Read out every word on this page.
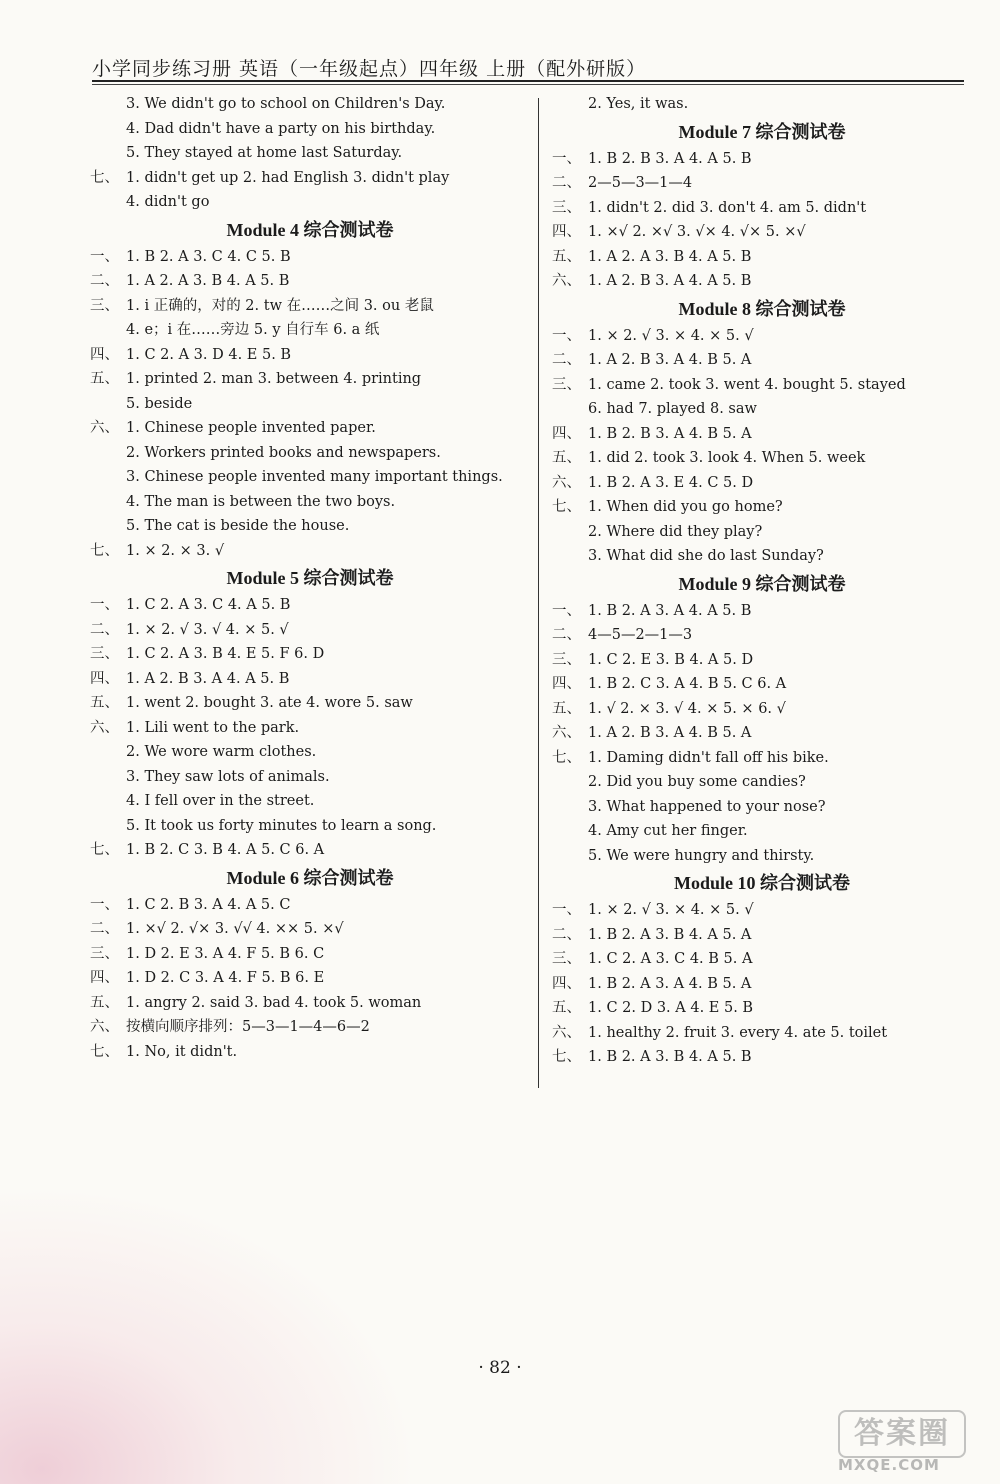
小学同步练习册 英语（一年级起点）四年级 上册（配外研版）
3. We didn't go to school on Children's Day.
4. Dad didn't have a party on his birthday.
5. They stayed at home last Saturday.
七、 1. didn't get up 2. had English 3. didn't play
4. didn't go
Module 4 综合测试卷
一、 1. B 2. A 3. C 4. C 5. B
二、 1. A 2. A 3. B 4. A 5. B
三、 1. i 正确的，对的 2. tw 在……之间 3. ou 老鼠
4. e；i 在……旁边 5. y 自行车 6. a 纸
四、 1. C 2. A 3. D 4. E 5. B
五、 1. printed 2. man 3. between 4. printing
5. beside
六、 1. Chinese people invented paper.
2. Workers printed books and newspapers.
3. Chinese people invented many important things.
4. The man is between the two boys.
5. The cat is beside the house.
七、 1. × 2. × 3. √
Module 5 综合测试卷
一、 1. C 2. A 3. C 4. A 5. B
二、 1. × 2. √ 3. √ 4. × 5. √
三、 1. C 2. A 3. B 4. E 5. F 6. D
四、 1. A 2. B 3. A 4. A 5. B
五、 1. went 2. bought 3. ate 4. wore 5. saw
六、 1. Lili went to the park.
2. We wore warm clothes.
3. They saw lots of animals.
4. I fell over in the street.
5. It took us forty minutes to learn a song.
七、 1. B 2. C 3. B 4. A 5. C 6. A
Module 6 综合测试卷
一、 1. C 2. B 3. A 4. A 5. C
二、 1. ×√ 2. √× 3. √√ 4. ×× 5. ×√
三、 1. D 2. E 3. A 4. F 5. B 6. C
四、 1. D 2. C 3. A 4. F 5. B 6. E
五、 1. angry 2. said 3. bad 4. took 5. woman
六、 按横向顺序排列：5—3—1—4—6—2
七、 1. No, it didn't.
2. Yes, it was.
Module 7 综合测试卷
一、 1. B 2. B 3. A 4. A 5. B
二、 2—5—3—1—4
三、 1. didn't 2. did 3. don't 4. am 5. didn't
四、 1. ×√ 2. ×√ 3. √× 4. √× 5. ×√
五、 1. A 2. A 3. B 4. A 5. B
六、 1. A 2. B 3. A 4. A 5. B
Module 8 综合测试卷
一、 1. × 2. √ 3. × 4. × 5. √
二、 1. A 2. B 3. A 4. B 5. A
三、 1. came 2. took 3. went 4. bought 5. stayed
6. had 7. played 8. saw
四、 1. B 2. B 3. A 4. B 5. A
五、 1. did 2. took 3. look 4. When 5. week
六、 1. B 2. A 3. E 4. C 5. D
七、 1. When did you go home?
2. Where did they play?
3. What did she do last Sunday?
Module 9 综合测试卷
一、 1. B 2. A 3. A 4. A 5. B
二、 4—5—2—1—3
三、 1. C 2. E 3. B 4. A 5. D
四、 1. B 2. C 3. A 4. B 5. C 6. A
五、 1. √ 2. × 3. √ 4. × 5. × 6. √
六、 1. A 2. B 3. A 4. B 5. A
七、 1. Daming didn't fall off his bike.
2. Did you buy some candies?
3. What happened to your nose?
4. Amy cut her finger.
5. We were hungry and thirsty.
Module 10 综合测试卷
一、 1. × 2. √ 3. × 4. × 5. √
二、 1. B 2. A 3. B 4. A 5. A
三、 1. C 2. A 3. C 4. B 5. A
四、 1. B 2. A 3. A 4. B 5. A
五、 1. C 2. D 3. A 4. E 5. B
六、 1. healthy 2. fruit 3. every 4. ate 5. toilet
七、 1. B 2. A 3. B 4. A 5. B
· 82 ·
答案圈
MXQE.COM
